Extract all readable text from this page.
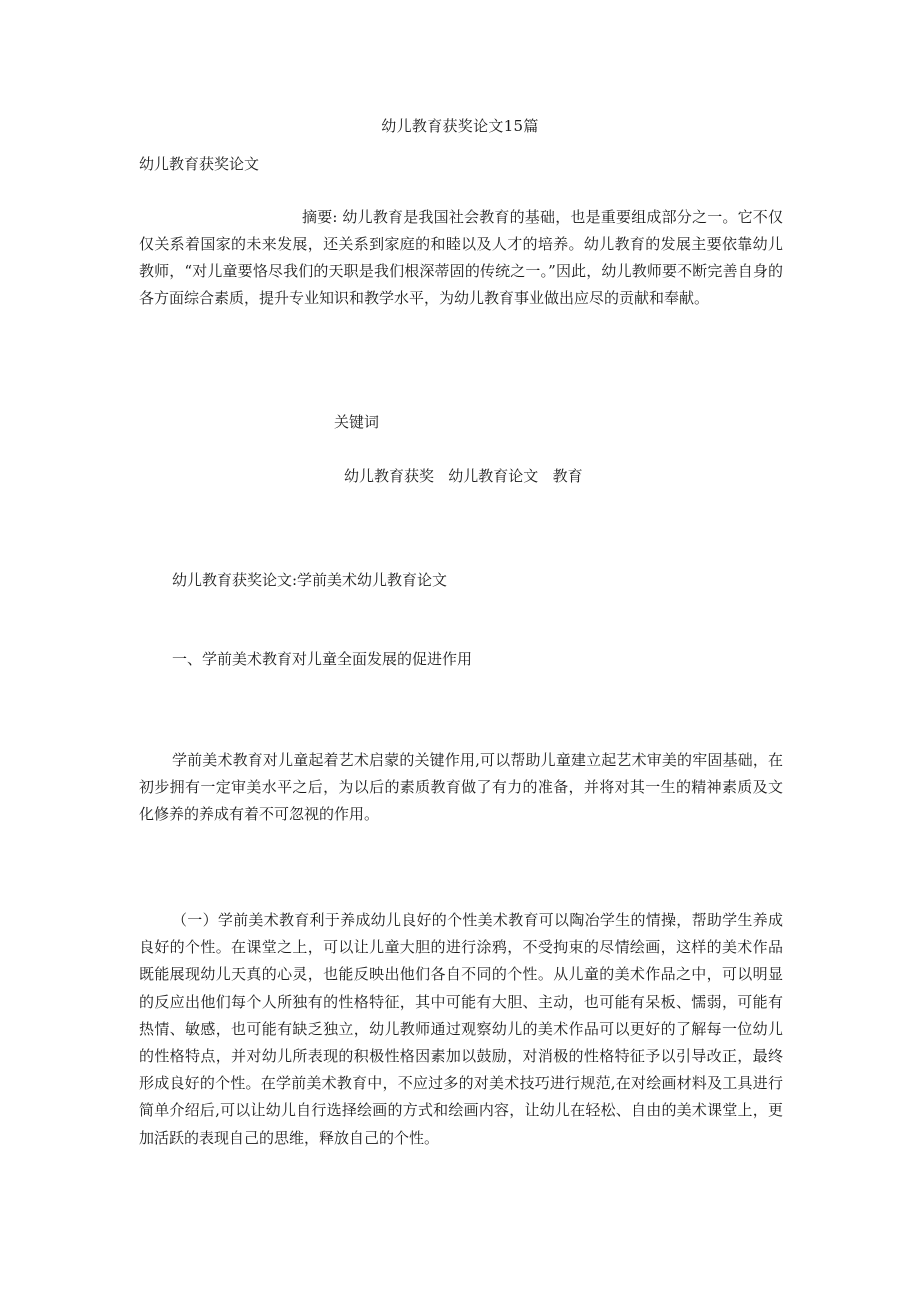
幼儿教育获奖论文15篇
幼儿教育获奖论文

摘要: 幼儿教育是我国社会教育的基础，也是重要组成部分之一。它不仅仅关系着国家的未来发展，还关系到家庭的和睦以及人才的培养。幼儿教育的发展主要依靠幼儿教师，“对儿童要恪尽我们的天职是我们根深蒂固的传统之一。”因此，幼儿教师要不断完善自身的各方面综合素质，提升专业知识和教学水平，为幼儿教育事业做出应尽的贡献和奉献。

关键词
幼儿教育获奖   幼儿教育论文   教育
幼儿教育获奖论文:学前美术幼儿教育论文
一、学前美术教育对儿童全面发展的促进作用

学前美术教育对儿童起着艺术启蒙的关键作用,可以帮助儿童建立起艺术审美的牢固基础，在初步拥有一定审美水平之后，为以后的素质教育做了有力的准备，并将对其一生的精神素质及文化修养的养成有着不可忽视的作用。

（一）学前美术教育利于养成幼儿良好的个性美术教育可以陶冶学生的情操，帮助学生养成良好的个性。在课堂之上，可以让儿童大胆的进行涂鸦，不受拘束的尽情绘画，这样的美术作品既能展现幼儿天真的心灵，也能反映出他们各自不同的个性。从儿童的美术作品之中，可以明显的反应出他们每个人所独有的性格特征，其中可能有大胆、主动，也可能有呆板、懦弱，可能有热情、敏感，也可能有缺乏独立，幼儿教师通过观察幼儿的美术作品可以更好的了解每一位幼儿的性格特点，并对幼儿所表现的积极性格因素加以鼓励，对消极的性格特征予以引导改正，最终形成良好的个性。在学前美术教育中，不应过多的对美术技巧进行规范,在对绘画材料及工具进行简单介绍后,可以让幼儿自行选择绘画的方式和绘画内容，让幼儿在轻松、自由的美术课堂上，更加活跃的表现自己的思维，释放自己的个性。
